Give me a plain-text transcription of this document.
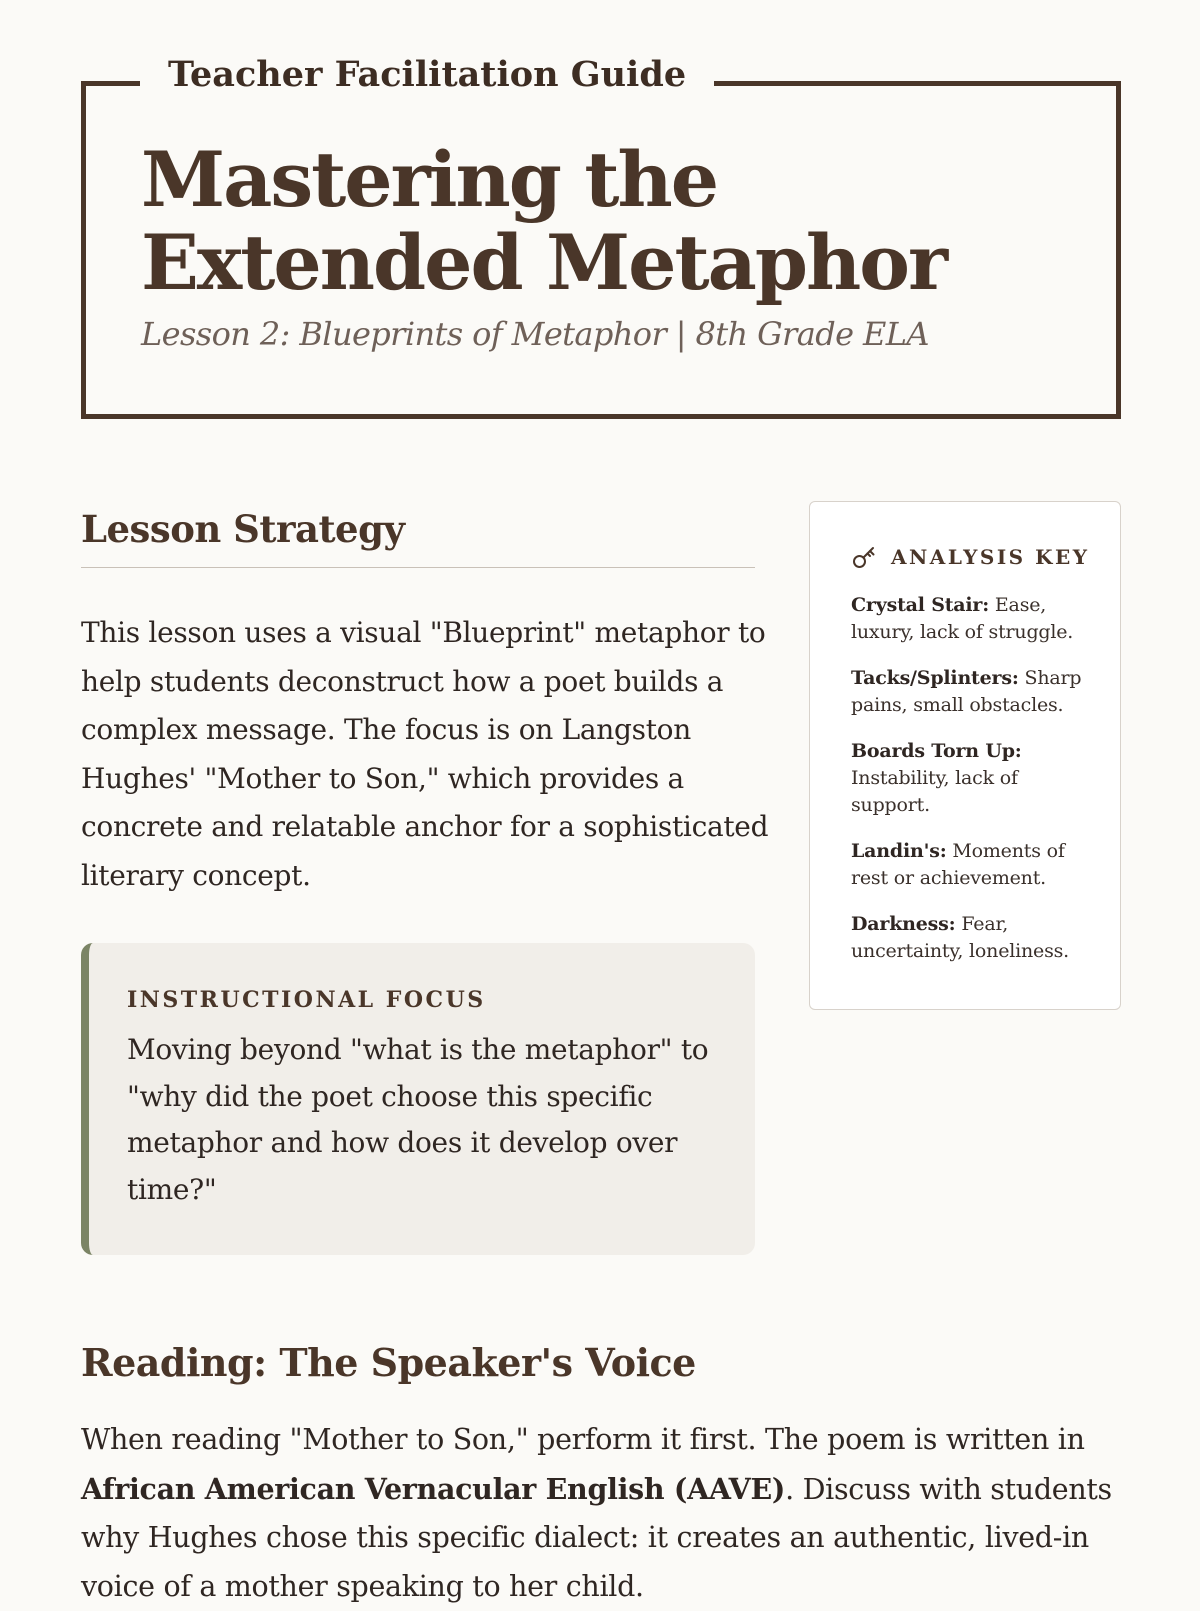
Teacher Facilitation Guide
Mastering the Extended Metaphor
Lesson 2: Blueprints of Metaphor | 8th Grade ELA
Lesson Strategy

This lesson uses a visual "Blueprint" metaphor to help students deconstruct how a poet builds a complex message. The focus is on Langston Hughes' "Mother to Son," which provides a concrete and relatable anchor for a sophisticated literary concept.

INSTRUCTIONAL FOCUS
Moving beyond "what is the metaphor" to "why did the poet choose this specific metaphor and how does it develop over time?"
ANALYSIS KEY
Crystal Stair: Ease, luxury, lack of struggle.
Tacks/Splinters: Sharp pains, small obstacles.
Boards Torn Up: Instability, lack of support.
Landin's: Moments of rest or achievement.
Darkness: Fear, uncertainty, loneliness.
Reading: The Speaker's Voice

When reading "Mother to Son," perform it first. The poem is written in African American Vernacular English (AAVE). Discuss with students why Hughes chose this specific dialect: it creates an authentic, lived-in voice of a mother speaking to her child.
